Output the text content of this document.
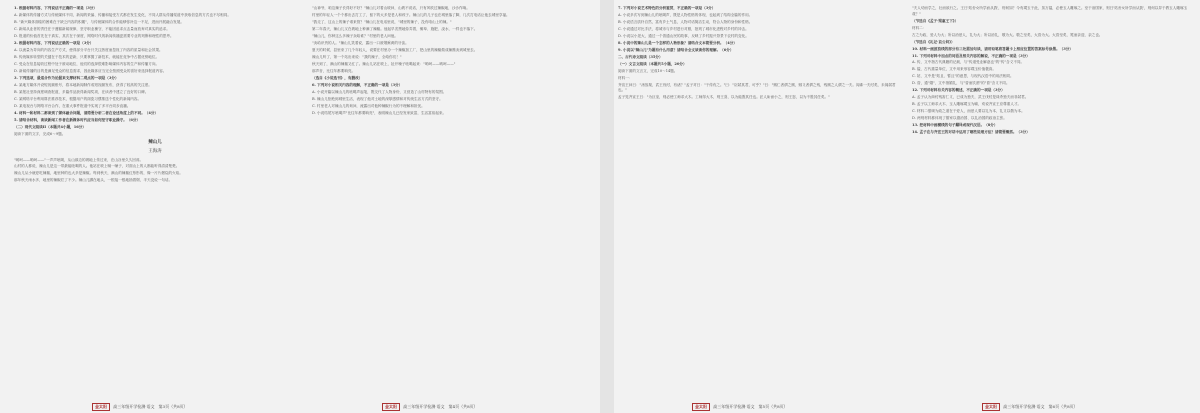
1. 根据材料内容，下列说法不正确的一项是（3分）

A. 新媒体的传播方式与传统媒体不同，新闻的采编、传播和接受方式都在发生变化，不同人群从传播渠道中获取信息的方式也不尽相同。

B. "新兴媒体面临的困难在于缺乏内容的积累"，与传统媒体的合作能够弥补这一不足，进而开展融合发展。

C. 新闻从业者的责任在于遵循新闻规律，坚守职业操守，不能因追求点击量而放弃对真实的追求。

D. 报道的价值首先在于真实，其次在于深度，网络时代的新闻传播更需要专业的判断和理性的思考。

2. 根据材料内容，下列说法正确的一项是（3分）

A. 以流量为导向的内容生产方式，使得部分平台只关注热度而忽视了内容的质量和社会效果。

B. 传统媒体转型的关键在于技术的更新，只要掌握了新技术，就能在竞争中占据优势地位。

C. 受众在信息接收过程中处于被动地位，他们的选择很难影响媒体内容的生产和传播方向。

D. 新闻传播的目的是满足受众的信息需求，因此媒体应当完全按照受众的喜好来选择报道内容。

3. 下列选项，最适合作为论据来支撑材料二观点的一项是（3分）

A. 某地方媒体开设短视频账号，将本地新闻制作成短视频发布，获得了较高的关注度。

B. 某报社坚持深度调查报道，多篇作品获得新闻奖项，在读者中建立了良好的口碑。

C. 某网络平台利用算法推荐技术，根据用户的浏览习惯推送个性化的新闻内容。

D. 某电视台与网络平台合作，在重大事件报道中实现了多平台同步直播。

4. 材料一和材料二都谈到了媒体融合问题，请简要分析二者在论述角度上的不同。（4分）

5. 请结合材料，谈谈新闻工作者在新媒体时代应当如何坚守职业操守。（6分）

（二）现代文阅读II（本题共4小题，16分）

阅读下面的文字，完成6～9题。

辣山儿

王海涛

"哟呵——哟呵——"一声声吆喝，从山那边的坡地上传过来，在山谷里久久回荡。

山村的人都说，辣山儿是这一带最能吆喝的人。他站在坡上喊一嗓子，对面山上的人都能听得清清楚楚。

辣山儿从小就爱吃辣椒，地里种的也大多是辣椒。每到秋天，满山的辣椒红彤彤的，像一片片燃烧的火焰。

那年秋天雨水多，地里的辣椒烂了不少。辣山儿蹲在地头，一根接一根地抽着烟，半天没说一句话。

"山神爷，咱这辣子长得好不好？"辣山儿对着山坡问，山坡不说话，只有风吹过辣椒地，沙沙作响。

村里的年轻人一个个都出去打工了，留下的大多是老人和孩子。辣山儿的儿子也在城里落了脚，几次打电话让他去城里享福。

"我走了，这山上的辣子谁来管？"辣山儿在电话里说，"城里的辣子，没有咱山上的辣。"

第二年春天，辣山儿又在坡地上种满了辣椒。他起早贪黑地侍弄着，锄草、施肥、浇水，一样也不落下。

"辣山儿，你种这么多辣子卖给谁？"村里的老人问他。

"卖给识货的人。"辣山儿笑着说，露出一口被烟熏黄的牙齿。

夏天的时候，县里来了几个年轻人，说要在村里办一个辣椒加工厂，把山里的辣椒做成辣酱卖到城里去。

辣山儿听了，第一个站出来说："我的辣子，全给你们！"

秋天到了，满山的辣椒又红了。辣山儿站在坡上，扯开嗓子吆喝起来："哟呵——哟呵——"

那声音，比往年都要响亮。

（选自《小说选刊》，有删改）

6. 下列对小说相关内容的理解，不正确的一项是（3分）

A. 小说开篇以辣山儿的吆喝声起笔，既交代了人物身份，又营造了山村特有的氛围。

B. 辣山儿拒绝到城里生活，表现了他对土地的深厚感情和对传统生活方式的坚守。

C. 村里老人对辣山儿的询问，流露出对他种辣椒行为的不理解和担忧。

D. 小说结尾写吆喝声"比往年都要响亮"，表明辣山儿已经发家致富，生活富裕起来。

金太阳 高三年级开学检测·语文　第3页（共8页）	金太阳 高三年级开学检测·语文　第4页（共8页）

7. 下列对小说艺术特色的分析鉴赏，不正确的一项是（3分）

A. 小说多次写到辣山儿的吆喝声，既是人物性格的体现，也起到了结构全篇的作用。

B. 小说语言质朴自然，富有乡土气息，人物对话简洁生动，符合人物的身份和性格。

C. 小说通过对比手法，将城市与乡村进行对照，批判了城市化进程对乡村的冲击。

D. 小说以小见大，通过一个普通山民的故事，反映了乡村振兴背景下农村的变化。

8. 小说中的辣山儿是一个怎样的人物形象？请结合文本简要分析。（4分）

9. 小说以"辣山儿"为题有什么用意？请结合全文谈谈你的理解。（6分）

二、古代诗文阅读（35分）

（一）文言文阅读（本题共5小题，20分）

阅读下面的文言文，完成10～14题。

材料一：

齐宣王问曰："汤放桀，武王伐纣，有诸？"孟子对曰："于传有之。"曰："臣弑其君，可乎？"曰："贼仁者谓之贼，贼义者谓之残，残贼之人谓之一夫。闻诛一夫纣矣，未闻弑君也。"

孟子见齐宣王曰："为巨室，则必使工师求大木。工师得大木，则王喜，以为能胜其任也。匠人斫而小之，则王怒，以为不胜其任矣。"

"夫人幼而学之，壮而欲行之。王曰'姑舍女所学而从我'，则何如？今有璞玉于此，虽万镒，必使玉人雕琢之。至于治国家，则曰'姑舍女所学而从我'，则何以异于教玉人雕琢玉哉？"

（节选自《孟子·梁惠王下》）

材料二：

古之为政，爱人为大；所以治爱人，礼为大；所以治礼，敬为大。敬之至矣，大昏为大。大昏至矣，冕而亲迎，亲之也。

（节选自《礼记·哀公问》）

10. 材料一画波浪线的部分有三处需加句读，请用铅笔将答题卡上相应位置的答案标号涂黑。（3分）

11. 下列对材料中加点的词语及相关内容的解说，不正确的一项是（3分）

A. 传，文中指古代典籍的记载，与"传道受业解惑也"的"传"含义不同。

B. 镒，古代重量单位，文中用来形容璞玉价值极高。

C. 姑，文中是"姑且、暂且"的意思，与现代汉语中的用法相同。

D. 昏，通"婚"，文中指婚礼，与"昏而饮酒"的"昏"含义不同。

12. 下列对材料有关内容的概述，不正确的一项是（3分）

A. 孟子认为商纣残害仁义，已成为独夫，武王伐纣是诛杀独夫而非弑君。

B. 孟子以工师求大木、玉人雕琢璞玉为喻，劝说齐宣王应尊重人才。

C. 材料二强调为政之道在于爱人，而爱人要以礼为本，礼又以敬为本。

D. 两则材料都体现了儒家以德治国、以礼治国的政治主张。

13. 把材料中画横线的句子翻译成现代汉语。（8分）

14. 孟子在与齐宣王的对话中运用了哪些说理方法？请简要概括。（3分）

金太阳 高三年级开学检测·语文　第5页（共8页）	金太阳 高三年级开学检测·语文　第6页（共8页）
